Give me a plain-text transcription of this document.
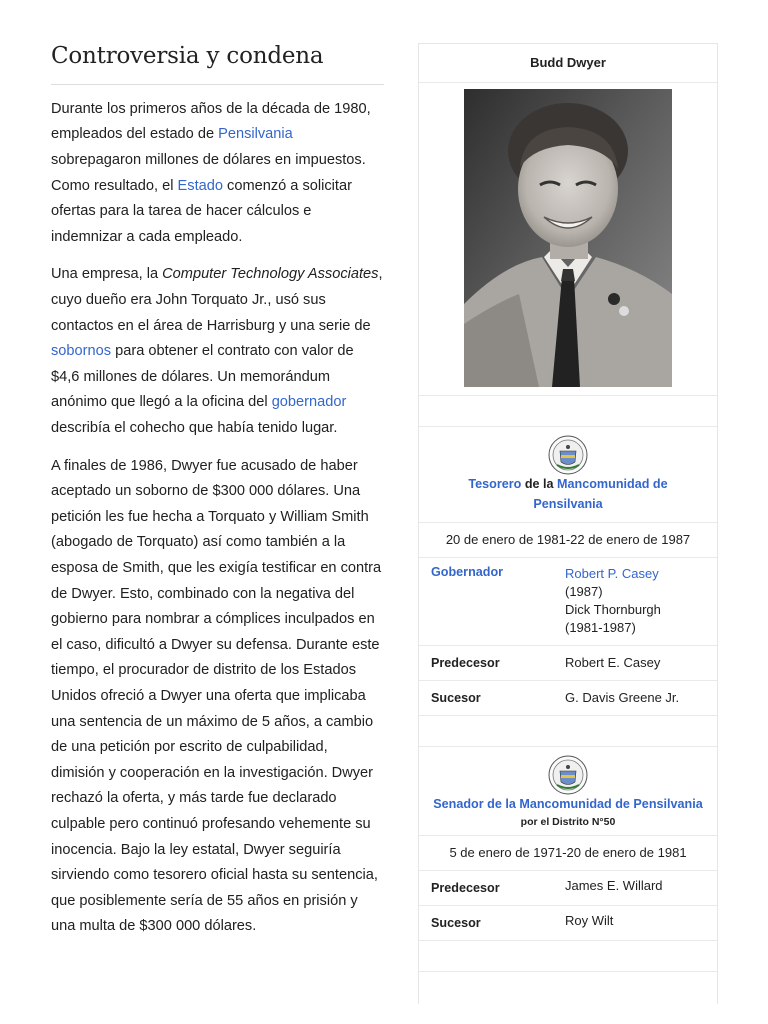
Controversia y condena

Durante los primeros años de la década de 1980, empleados del estado de Pensilvania sobrepagaron millones de dólares en impuestos. Como resultado, el Estado comenzó a solicitar ofertas para la tarea de hacer cálculos e indemnizar a cada empleado.

Una empresa, la Computer Technology Associates, cuyo dueño era John Torquato Jr., usó sus contactos en el área de Harrisburg y una serie de sobornos para obtener el contrato con valor de $4,6 millones de dólares. Un memorándum anónimo que llegó a la oficina del gobernador describía el cohecho que había tenido lugar.

A finales de 1986, Dwyer fue acusado de haber aceptado un soborno de $300 000 dólares. Una petición les fue hecha a Torquato y William Smith (abogado de Torquato) así como también a la esposa de Smith, que les exigía testificar en contra de Dwyer. Esto, combinado con la negativa del gobierno para nombrar a cómplices inculpados en el caso, dificultó a Dwyer su defensa. Durante este tiempo, el procurador de distrito de los Estados Unidos ofreció a Dwyer una oferta que implicaba una sentencia de un máximo de 5 años, a cambio de una petición por escrito de culpabilidad, dimisión y cooperación en la investigación. Dwyer rechazó la oferta, y más tarde fue declarado culpable pero continuó profesando vehemente su inocencia. Bajo la ley estatal, Dwyer seguiría sirviendo como tesorero oficial hasta su sentencia, que posiblemente sería de 55 años en prisión y una multa de $300 000 dólares.

Budd Dwyer
Tesorero de la Mancomunidad de Pensilvania
20 de enero de 1981-22 de enero de 1987
Gobernador	Robert P. Casey
(1987)
Dick Thornburgh
(1981-1987)
Predecesor	Robert E. Casey
Sucesor	G. Davis Greene Jr.
Senador de la Mancomunidad de Pensilvania
por el Distrito N°50
5 de enero de 1971-20 de enero de 1981
Predecesor	James E. Willard
Sucesor	Roy Wilt
